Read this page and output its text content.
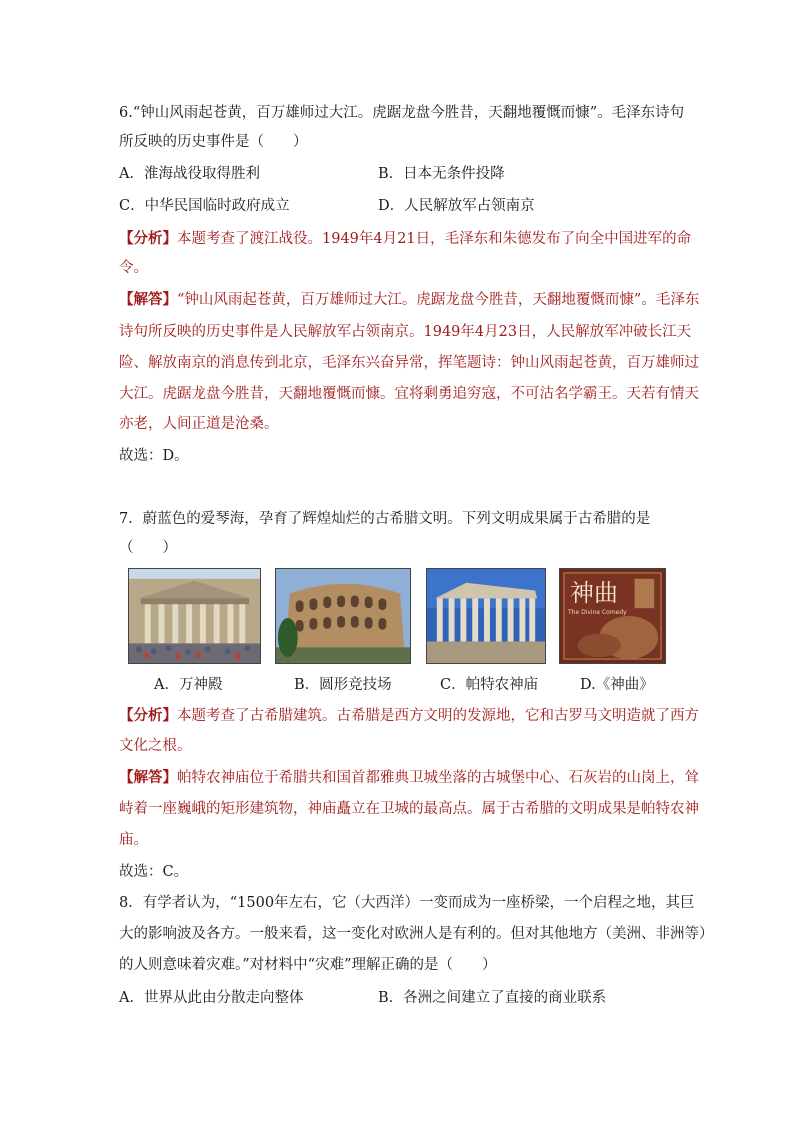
6.“钟山风雨起苍黄，百万雄师过大江。虎踞龙盘今胜昔，天翻地覆慨而慷”。毛泽东诗句
所反映的历史事件是（　　）
A．淮海战役取得胜利	B．日本无条件投降
C．中华民国临时政府成立	D．人民解放军占领南京
【分析】本题考查了渡江战役。1949年4月21日，毛泽东和朱德发布了向全中国进军的命
令。
【解答】“钟山风雨起苍黄，百万雄师过大江。虎踞龙盘今胜昔，天翻地覆慨而慷”。毛泽东
诗句所反映的历史事件是人民解放军占领南京。1949年4月23日，人民解放军冲破长江天
险、解放南京的消息传到北京，毛泽东兴奋异常，挥笔题诗：钟山风雨起苍黄，百万雄师过
大江。虎踞龙盘今胜昔，天翻地覆慨而慷。宜将剩勇追穷寇，不可沽名学霸王。天若有情天
亦老，人间正道是沧桑。
故选：D。
7．蔚蓝色的爱琴海，孕育了辉煌灿烂的古希腊文明。下列文明成果属于古希腊的是
（　　）
神曲
The Divine Comedy
A．万神殿	B．圆形竞技场	C．帕特农神庙	D.《神曲》
【分析】本题考查了古希腊建筑。古希腊是西方文明的发源地，它和古罗马文明造就了西方
文化之根。
【解答】帕特农神庙位于希腊共和国首都雅典卫城坐落的古城堡中心、石灰岩的山岗上，耸
峙着一座巍峨的矩形建筑物，神庙矗立在卫城的最高点。属于古希腊的文明成果是帕特农神
庙。
故选：C。
8．有学者认为，“1500年左右，它（大西洋）一变而成为一座桥梁，一个启程之地，其巨
大的影响波及各方。一般来看，这一变化对欧洲人是有利的。但对其他地方（美洲、非洲等）
的人则意味着灾难。”对材料中“灾难”理解正确的是（　　）
A．世界从此由分散走向整体	B．各洲之间建立了直接的商业联系
